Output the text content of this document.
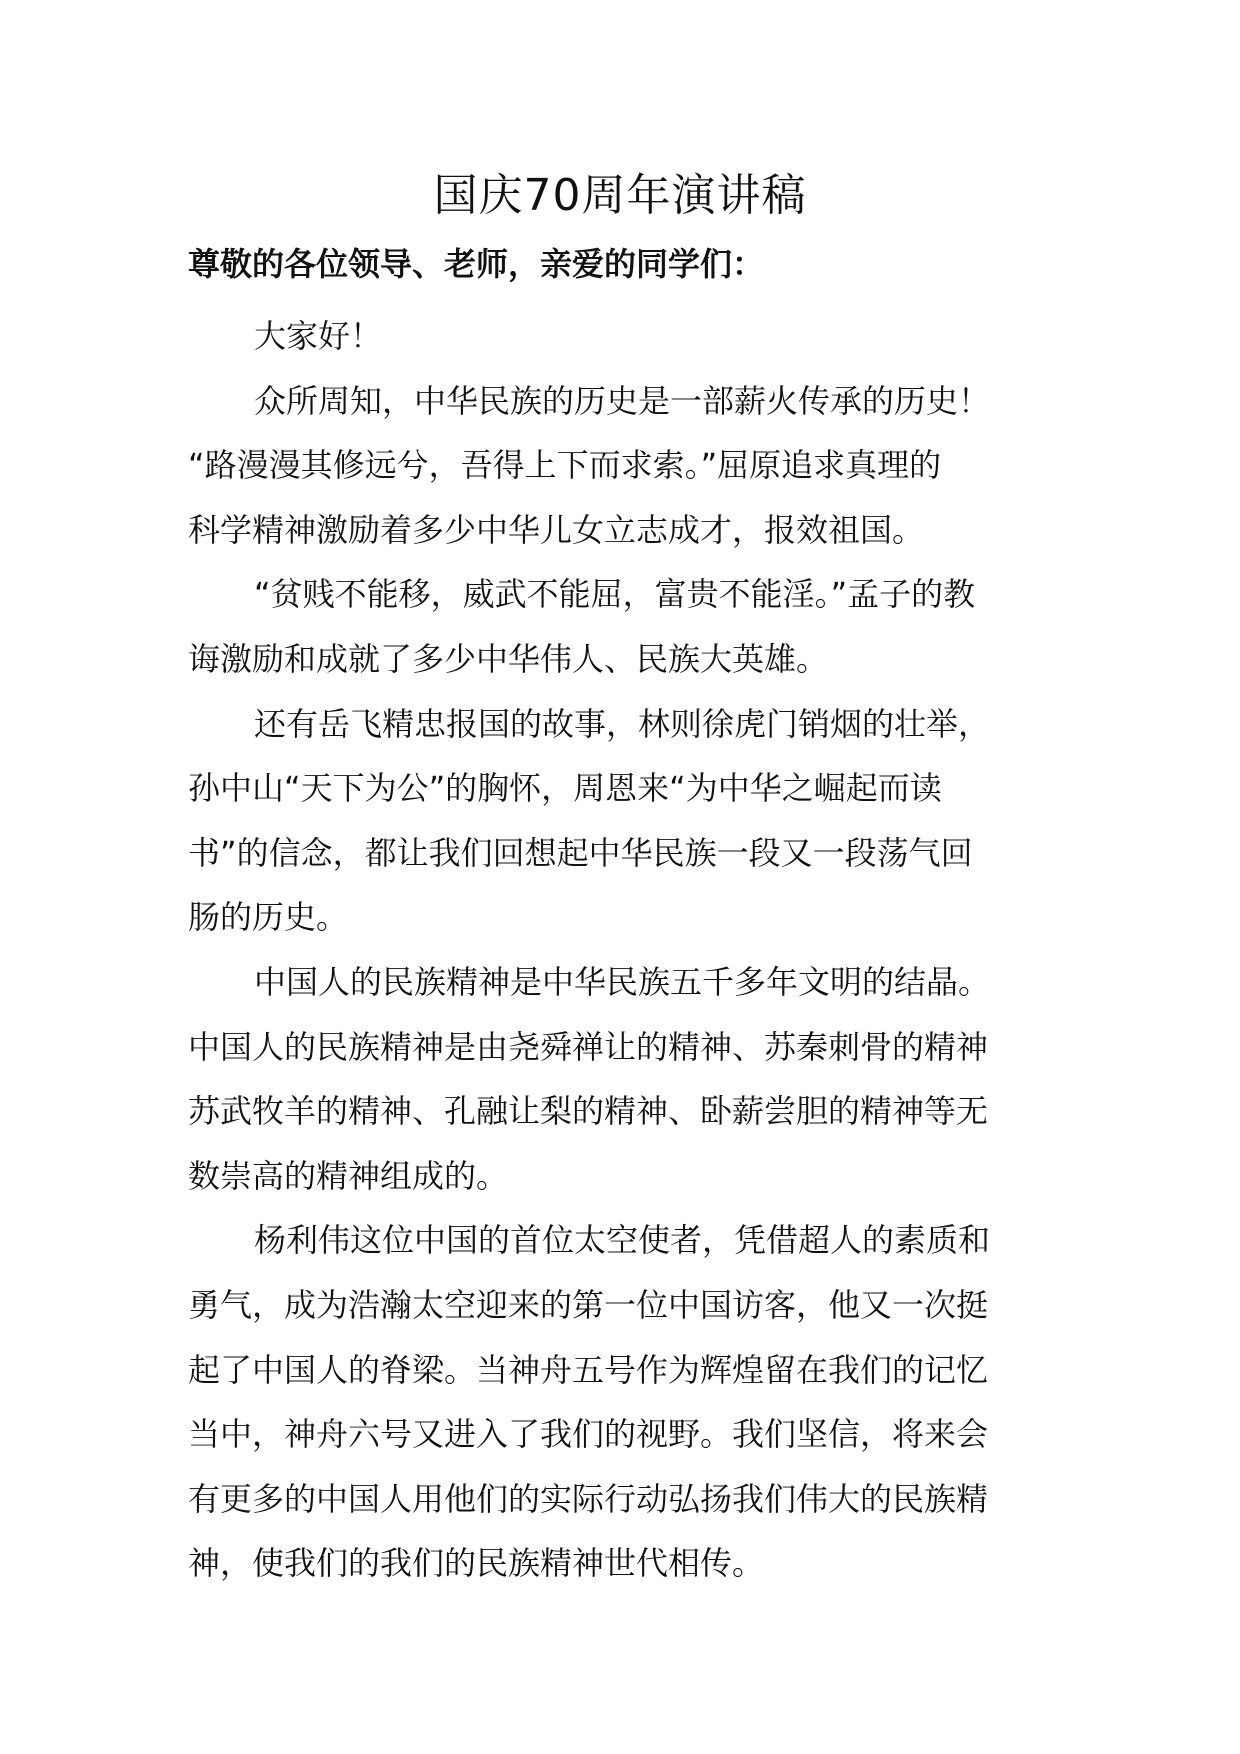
国庆70周年演讲稿
尊敬的各位领导、老师，亲爱的同学们：

大家好！

众所周知，中华民族的历史是一部薪火传承的历史！
“路漫漫其修远兮，吾得上下而求索。”屈原追求真理的
科学精神激励着多少中华儿女立志成才，报效祖国。

“贫贱不能移，威武不能屈，富贵不能淫。”孟子的教
诲激励和成就了多少中华伟人、民族大英雄。

还有岳飞精忠报国的故事，林则徐虎门销烟的壮举，
孙中山“天下为公”的胸怀，周恩来“为中华之崛起而读
书”的信念，都让我们回想起中华民族一段又一段荡气回
肠的历史。

中国人的民族精神是中华民族五千多年文明的结晶。
中国人的民族精神是由尧舜禅让的精神、苏秦刺骨的精神
苏武牧羊的精神、孔融让梨的精神、卧薪尝胆的精神等无
数崇高的精神组成的。

杨利伟这位中国的首位太空使者，凭借超人的素质和
勇气，成为浩瀚太空迎来的第一位中国访客，他又一次挺
起了中国人的脊梁。当神舟五号作为辉煌留在我们的记忆
当中，神舟六号又进入了我们的视野。我们坚信，将来会
有更多的中国人用他们的实际行动弘扬我们伟大的民族精
神，使我们的我们的民族精神世代相传。
